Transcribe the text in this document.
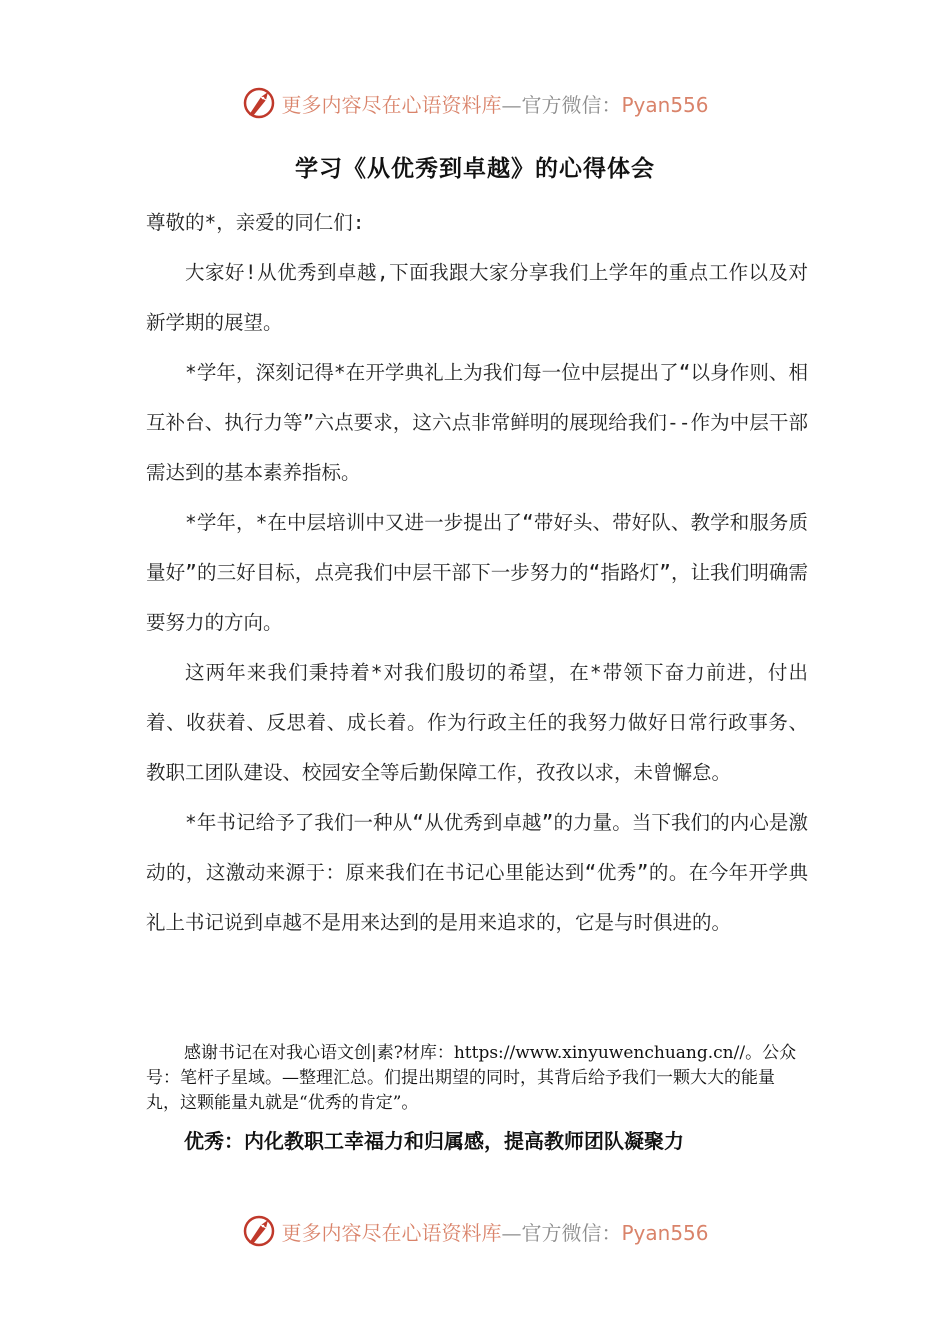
更多内容尽在心语资料库—官方微信：Pyan556
学习《从优秀到卓越》的心得体会

尊敬的*，亲爱的同仁们:

大家好!从优秀到卓越,下面我跟大家分享我们上学年的重点工作以及对新学期的展望。

*学年，深刻记得*在开学典礼上为我们每一位中层提出了“以身作则、相互补台、执行力等”六点要求，这六点非常鲜明的展现给我们--作为中层干部需达到的基本素养指标。

*学年，*在中层培训中又进一步提出了“带好头、带好队、教学和服务质量好”的三好目标，点亮我们中层干部下一步努力的“指路灯”，让我们明确需要努力的方向。

这两年来我们秉持着*对我们殷切的希望，在*带领下奋力前进，付出着、收获着、反思着、成长着。作为行政主任的我努力做好日常行政事务、教职工团队建设、校园安全等后勤保障工作，孜孜以求，未曾懈怠。

*年书记给予了我们一种从“从优秀到卓越”的力量。当下我们的内心是激动的，这激动来源于：原来我们在书记心里能达到“优秀”的。在今年开学典礼上书记说到卓越不是用来达到的是用来追求的，它是与时俱进的。

感谢书记在对我心语文创|素?材库：https://www.xinyuwenchuang.cn//。公众号：笔杆子星域。—整理汇总。们提出期望的同时，其背后给予我们一颗大大的能量丸，这颗能量丸就是“优秀的肯定”。
优秀：内化教职工幸福力和归属感，提高教师团队凝聚力
更多内容尽在心语资料库—官方微信：Pyan556
